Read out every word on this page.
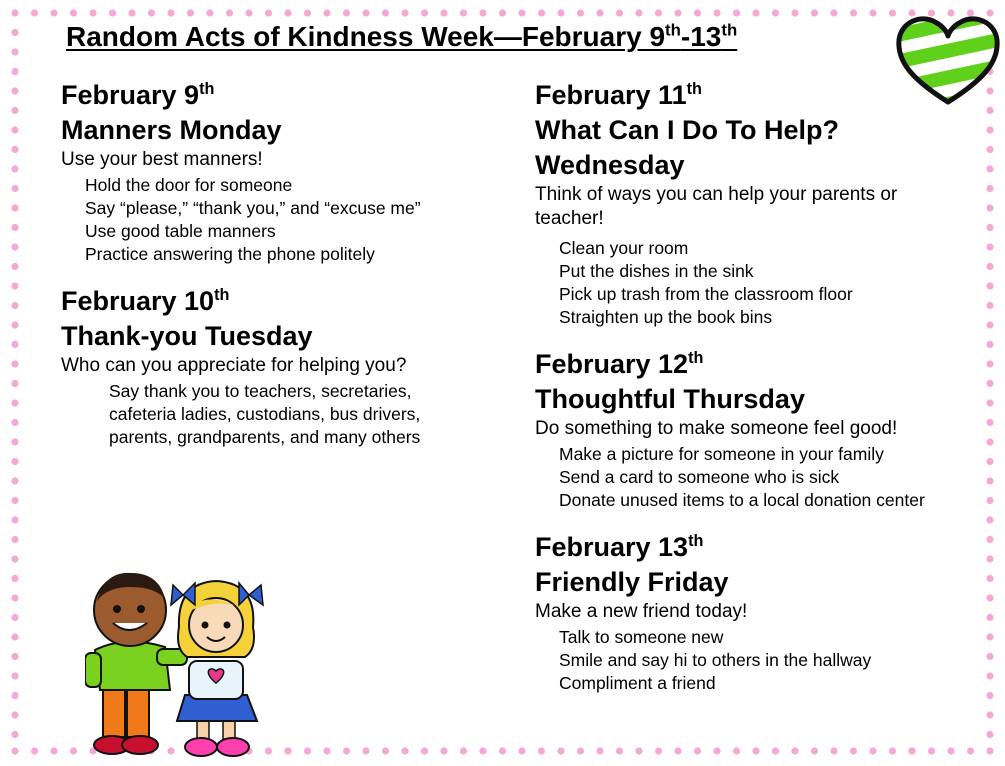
Random Acts of Kindness Week—February 9th-13th
February 9th
Manners Monday
Use your best manners!
Hold the door for someone
Say “please,” “thank you,” and “excuse me”
Use good table manners
Practice answering the phone politely
February 10th
Thank-you Tuesday
Who can you appreciate for helping you?
Say thank you to teachers, secretaries, cafeteria ladies, custodians, bus drivers, parents, grandparents, and many others
February 11th
What Can I Do To Help? Wednesday
Think of ways you can help your parents or teacher!
Clean your room
Put the dishes in the sink
Pick up trash from the classroom floor
Straighten up the book bins
February 12th
Thoughtful Thursday
Do something to make someone feel good!
Make a picture for someone in your family
Send a card to someone who is sick
Donate unused items to a local donation center
February 13th
Friendly Friday
Make a new friend today!
Talk to someone new
Smile and say hi to others in the hallway
Compliment a friend
